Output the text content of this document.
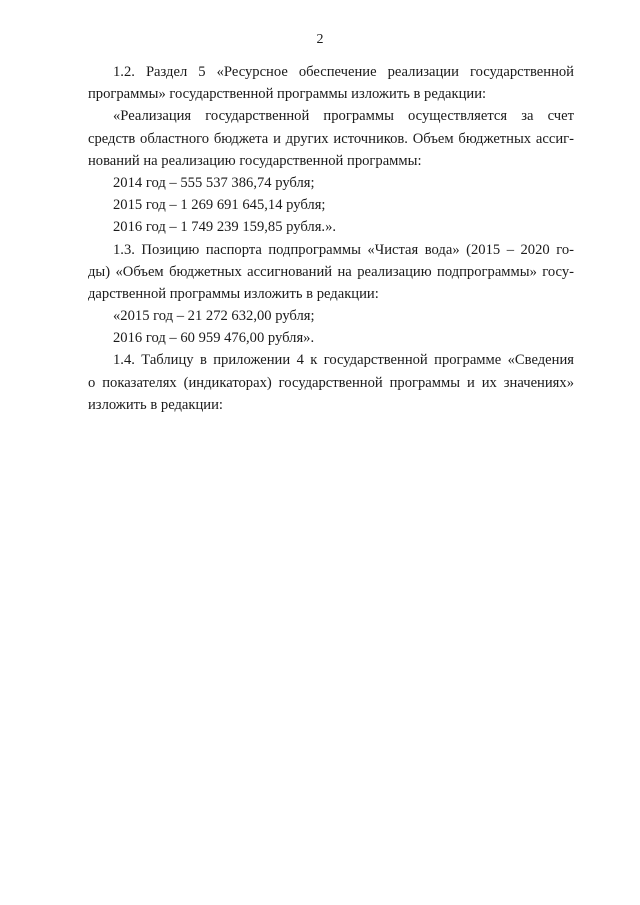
2
1.2. Раздел 5 «Ресурсное обеспечение реализации государственной
программы» государственной программы изложить в редакции:
«Реализация государственной программы осуществляется за счет
средств областного бюджета и других источников. Объем бюджетных ассиг-
нований на реализацию государственной программы:
2014 год – 555 537 386,74 рубля;
2015 год – 1 269 691 645,14 рубля;
2016 год – 1 749 239 159,85 рубля.».
1.3. Позицию паспорта подпрограммы «Чистая вода» (2015 – 2020 го-
ды) «Объем бюджетных ассигнований на реализацию подпрограммы» госу-
дарственной программы изложить в редакции:
«2015 год – 21 272 632,00 рубля;
2016 год – 60 959 476,00 рубля».
1.4. Таблицу в приложении 4 к государственной программе «Сведения
о показателях (индикаторах) государственной программы и их значениях»
изложить в редакции:
